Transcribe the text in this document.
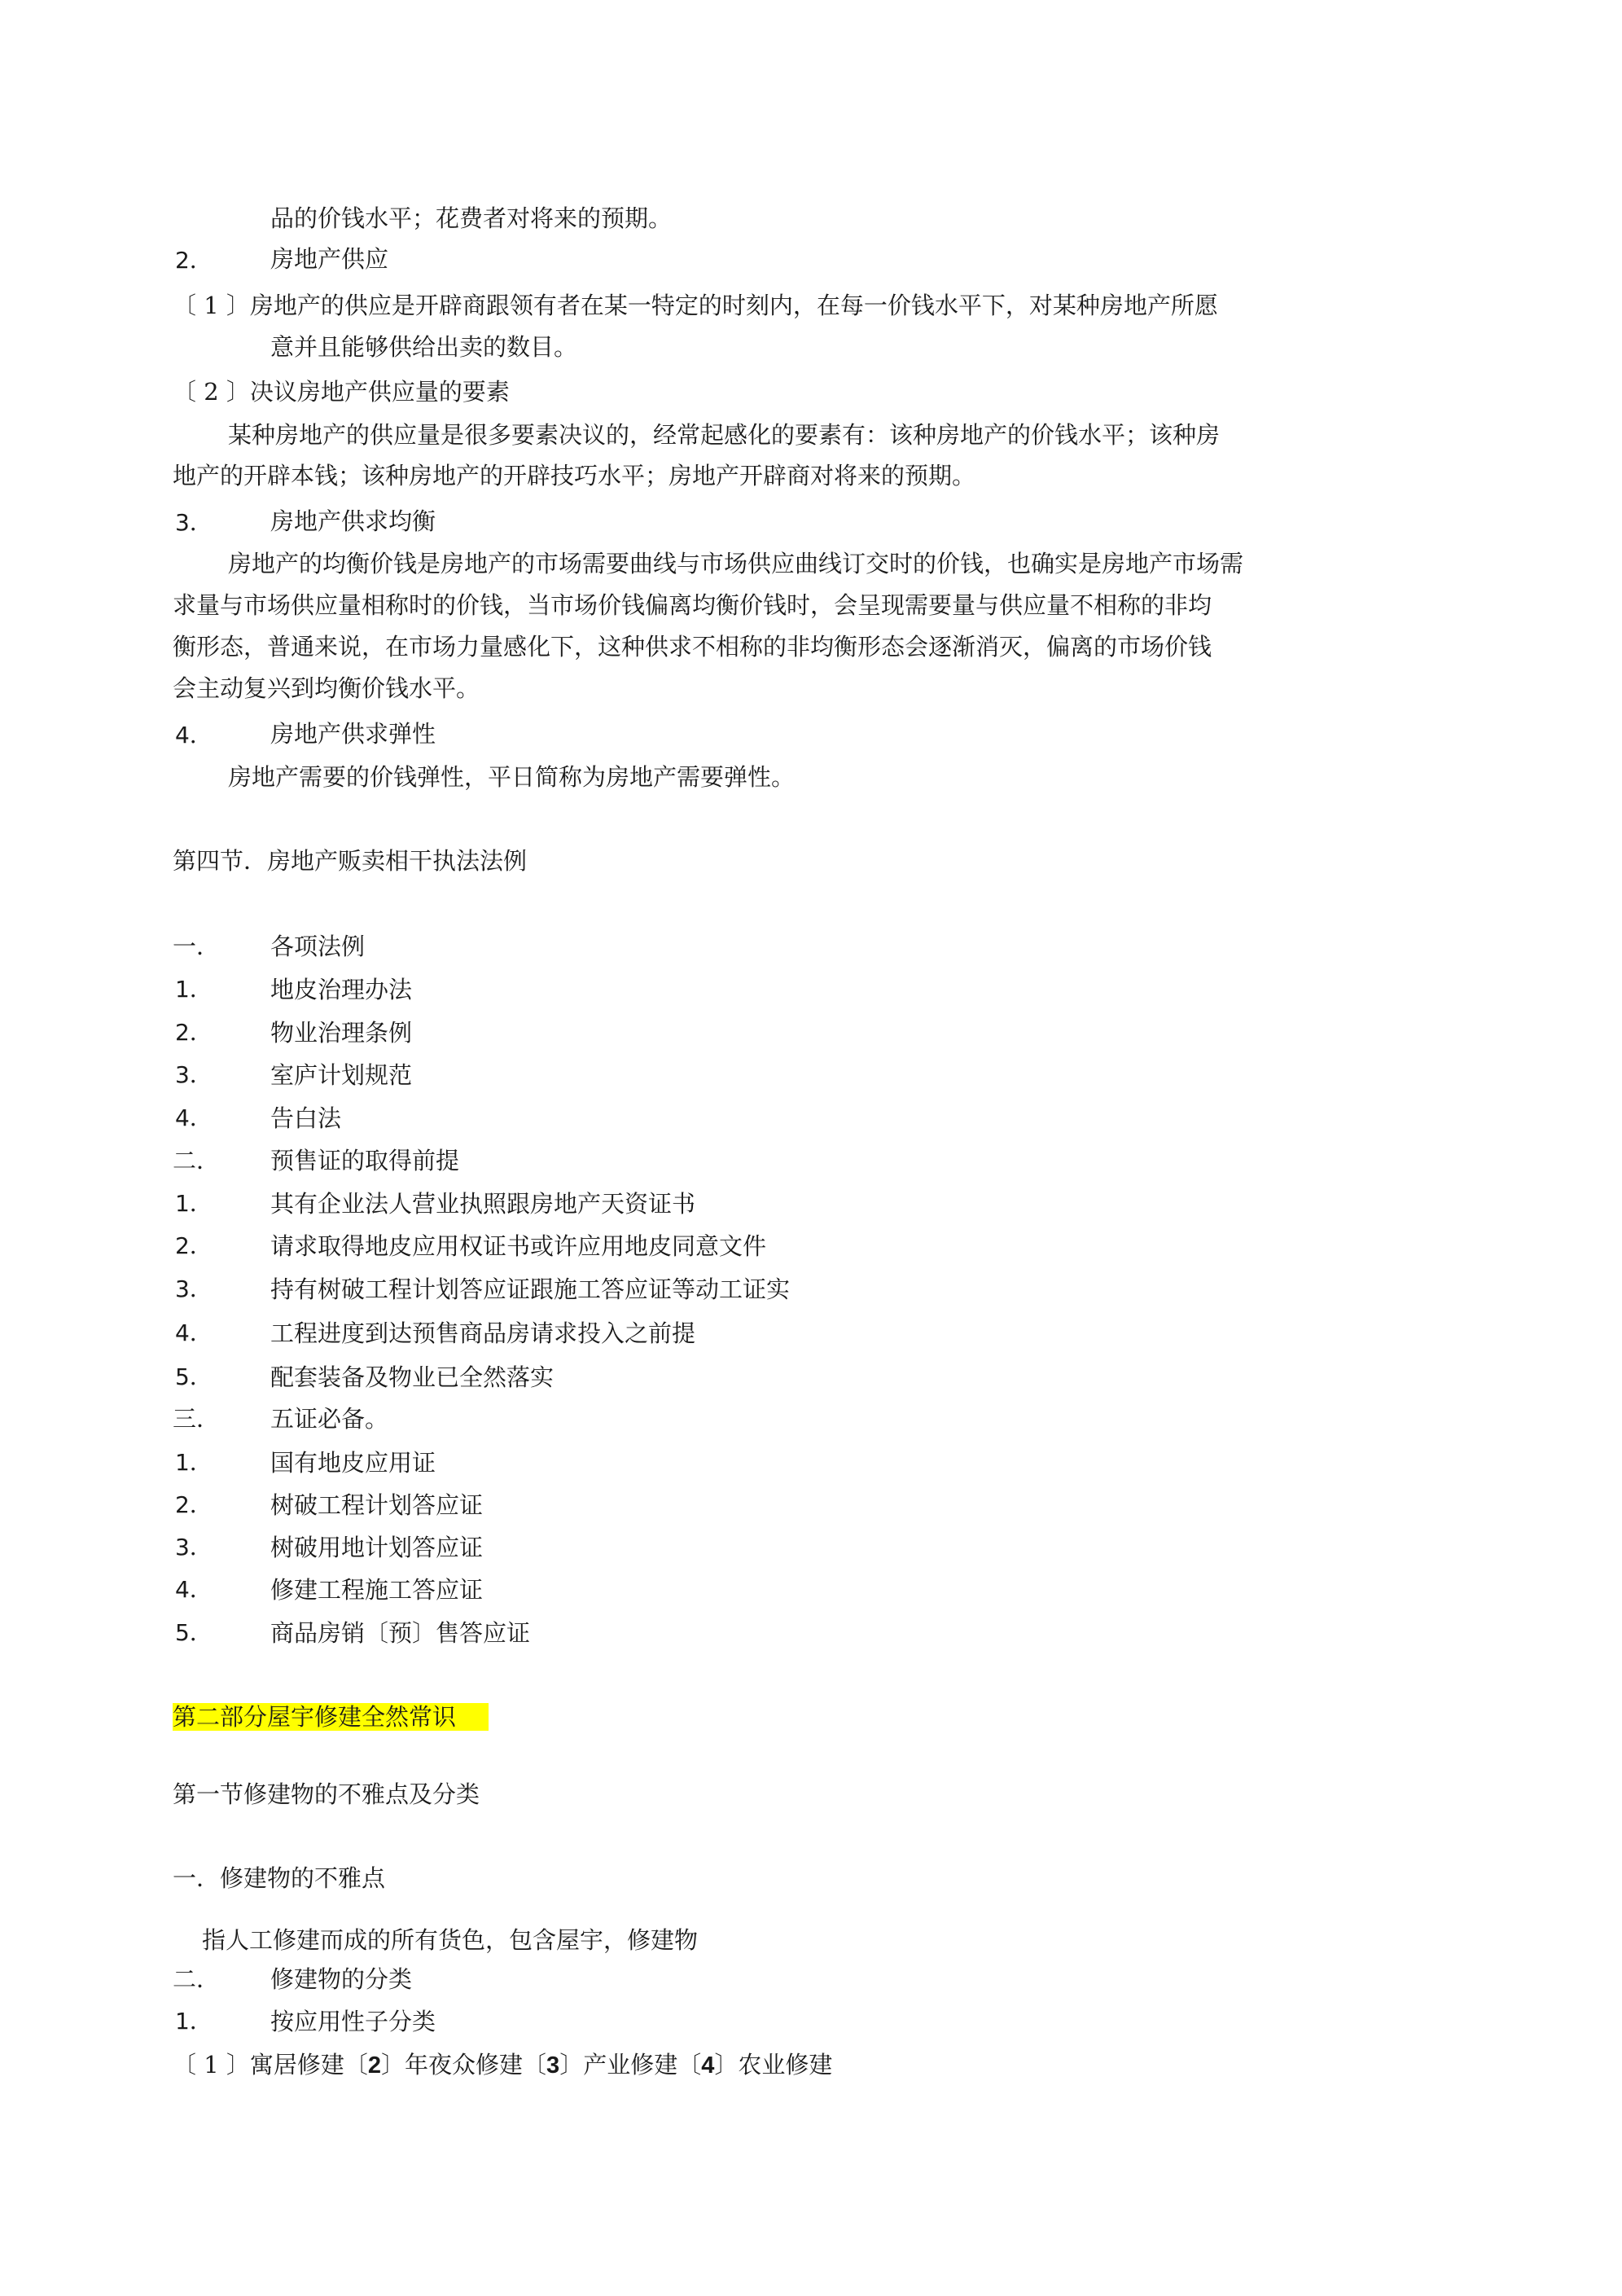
品的价钱水平；花费者对将来的预期。
2． 房地产供应
〔 1 〕房地产的供应是开辟商跟领有者在某一特定的时刻内，在每一价钱水平下，对某种房地产所愿
意并且能够供给出卖的数目。
〔 2 〕决议房地产供应量的要素
某种房地产的供应量是很多要素决议的，经常起感化的要素有：该种房地产的价钱水平；该种房
地产的开辟本钱；该种房地产的开辟技巧水平；房地产开辟商对将来的预期。
3． 房地产供求均衡
房地产的均衡价钱是房地产的市场需要曲线与市场供应曲线订交时的价钱，也确实是房地产市场需
求量与市场供应量相称时的价钱，当市场价钱偏离均衡价钱时，会呈现需要量与供应量不相称的非均
衡形态，普通来说，在市场力量感化下，这种供求不相称的非均衡形态会逐渐消灭，偏离的市场价钱
会主动复兴到均衡价钱水平。
4． 房地产供求弹性
房地产需要的价钱弹性，平日简称为房地产需要弹性。
第四节．房地产贩卖相干执法法例
一． 各项法例
1． 地皮治理办法
2． 物业治理条例
3． 室庐计划规范
4． 告白法
二． 预售证的取得前提
1． 其有企业法人营业执照跟房地产天资证书
2． 请求取得地皮应用权证书或许应用地皮同意文件
3． 持有树破工程计划答应证跟施工答应证等动工证实
4． 工程进度到达预售商品房请求投入之前提
5． 配套装备及物业已全然落实
三． 五证必备。
1． 国有地皮应用证
2． 树破工程计划答应证
3． 树破用地计划答应证
4． 修建工程施工答应证
5． 商品房销〔预〕售答应证
第二部分屋宇修建全然常识
第一节修建物的不雅点及分类
一．修建物的不雅点
指人工修建而成的所有货色，包含屋宇，修建物
二． 修建物的分类
1． 按应用性子分类
〔 1 〕寓居修建〔2〕年夜众修建〔3〕产业修建〔4〕农业修建
